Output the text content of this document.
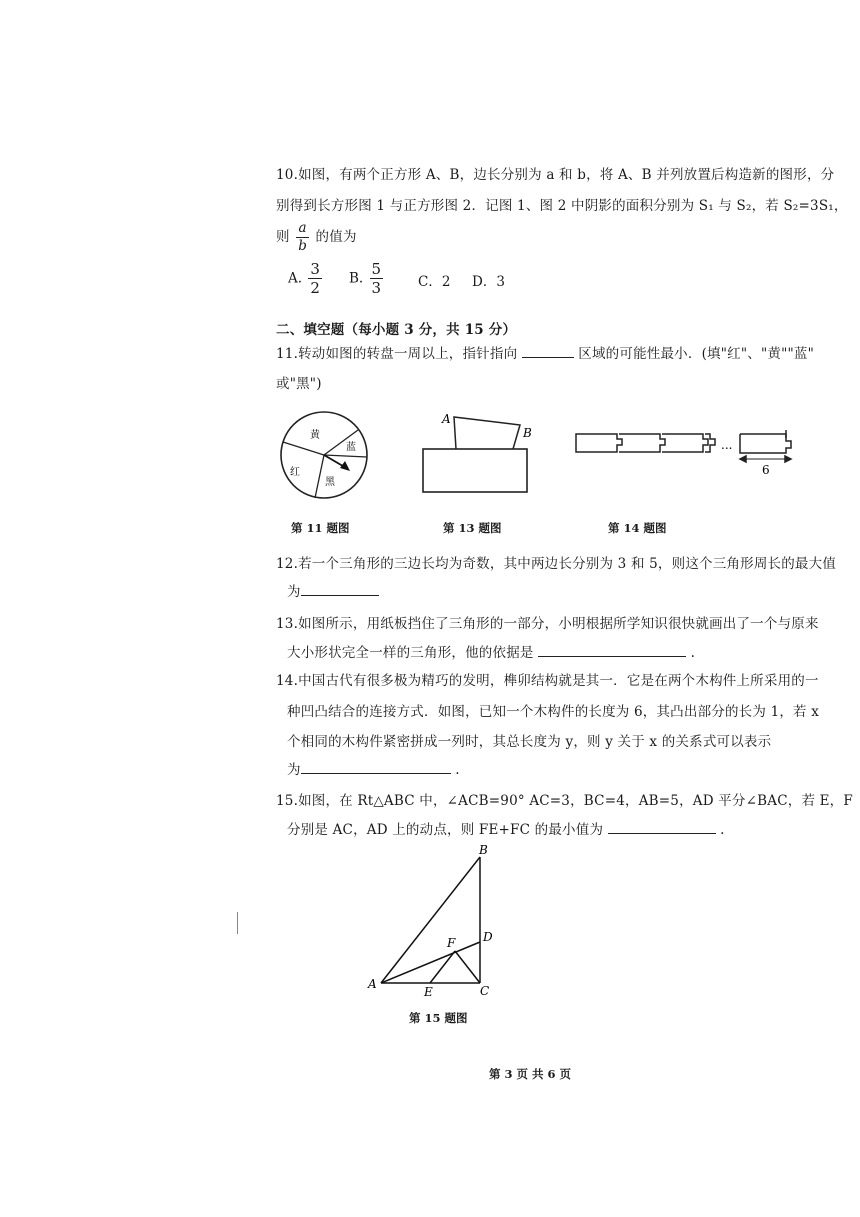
10.如图，有两个正方形 A、B，边长分别为 a 和 b，将 A、B 并列放置后构造新的图形，分
别得到长方形图 1 与正方形图 2．记图 1、图 2 中阴影的面积分别为 S₁ 与 S₂，若 S₂=3S₁，
则 $\frac{a}{b}$ 的值为
A. $\frac{3}{2} B$. $\frac{5}{3}$	C．2 D．3
二、填空题（每小题 3 分，共 15 分）
11.转动如图的转盘一周以上，指针指向	区域的可能性最小．(填"红"、"黄""蓝"
或"黑")
黄
蓝
红
黑
A
B
...
6
第 11 题图	第 13 题图	第 14 题图
12.若一个三角形的三边长均为奇数，其中两边长分别为 3 和 5，则这个三角形周长的最大值
为
13.如图所示，用纸板挡住了三角形的一部分，小明根据所学知识很快就画出了一个与原来
大小形状完全一样的三角形，他的依据是	.
14.中国古代有很多极为精巧的发明，榫卯结构就是其一．它是在两个木构件上所采用的一
种凹凸结合的连接方式．如图，已知一个木构件的长度为 6，其凸出部分的长为 1，若 x
个相同的木构件紧密拼成一列时，其总长度为 y，则 y 关于 x 的关系式可以表示
为	.
15.如图，在 Rt△ABC 中，∠ACB=90° AC=3，BC=4，AB=5，AD 平分∠BAC，若 E，F
分别是 AC，AD 上的动点，则 FE+FC 的最小值为	.
B
D
F
A
E	C
第 15 题图
第 3 页 共 6 页
